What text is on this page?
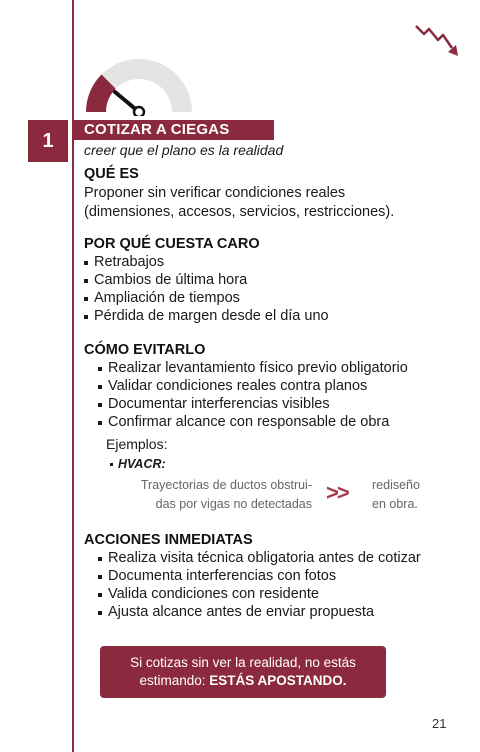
1	COTIZAR A CIEGAS
creer que el plano es la realidad
QUÉ ES
Proponer sin verificar condiciones reales
(dimensiones, accesos, servicios, restricciones).
POR QUÉ CUESTA CARO
Retrabajos
Cambios de última hora
Ampliación de tiempos
Pérdida de margen desde el día uno
CÓMO EVITARLO
Realizar levantamiento físico previo obligatorio
Validar condiciones reales contra planos
Documentar interferencias visibles
Confirmar alcance con responsable de obra
Ejemplos:
HVACR:
Trayectorias de ductos obstrui-
das por vigas no detectadas >> rediseño
en obra.
ACCIONES INMEDIATAS
Realiza visita técnica obligatoria antes de cotizar
Documenta interferencias con fotos
Valida condiciones con residente
Ajusta alcance antes de enviar propuesta
Si cotizas sin ver la realidad, no estás
estimando: ESTÁS APOSTANDO.
21
